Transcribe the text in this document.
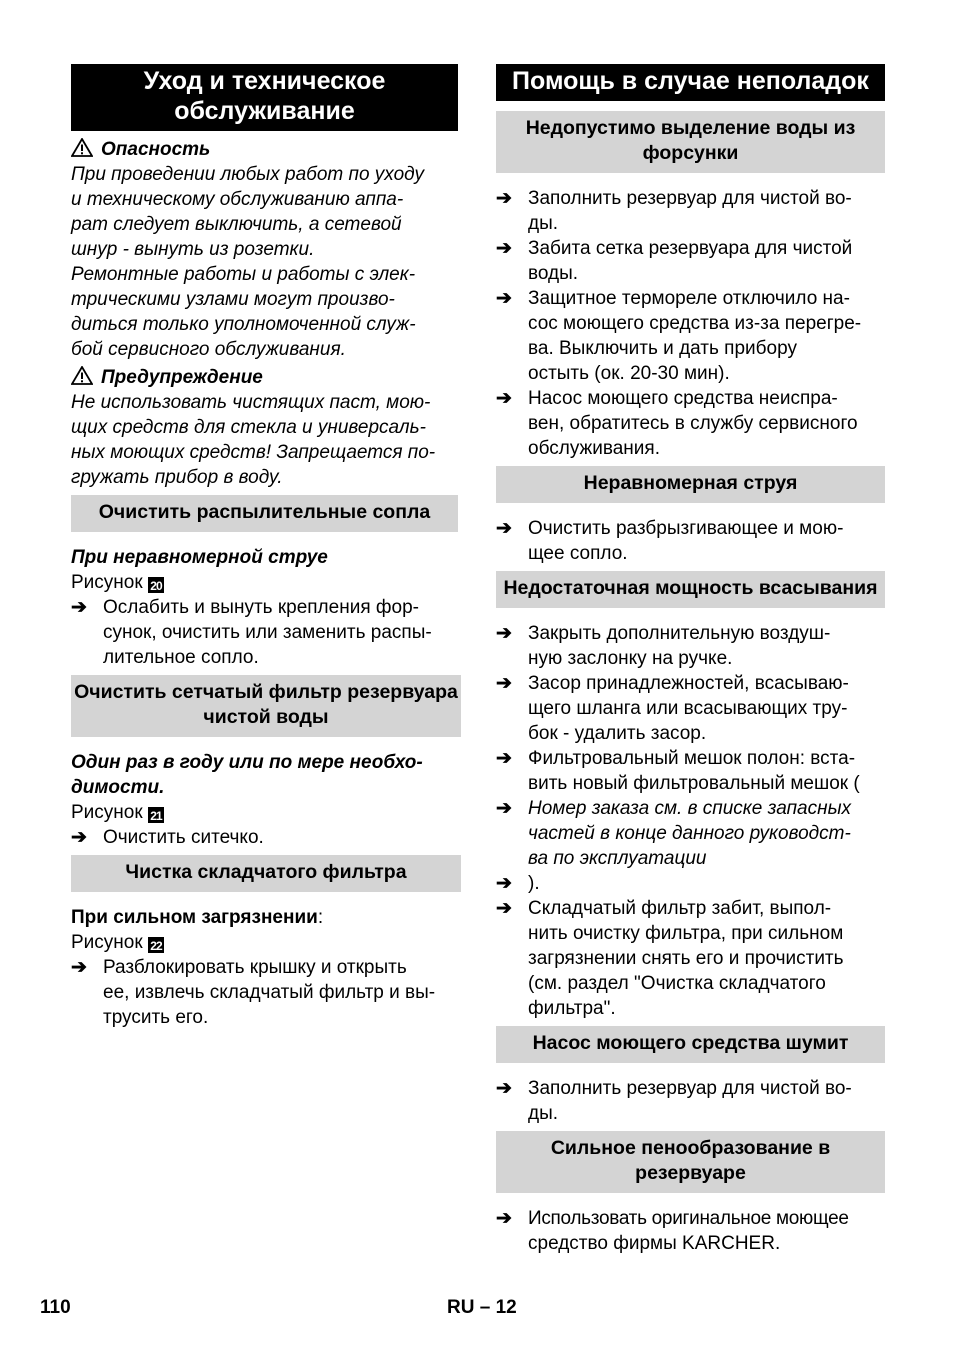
Уход и техническое обслуживание
Опасность
При проведении любых работ по уходу
и техническому обслуживанию аппа-
рат следует выключить, а сетевой
шнур - вынуть из розетки.
Ремонтные работы и работы с элек-
трическими узлами могут произво-
диться только уполномоченной служ-
бой сервисного обслуживания.
Предупреждение
Не использовать чистящих паст, мою-
щих средств для стекла и универсаль-
ных моющих средств! Запрещается по-
гружать прибор в воду.
Очистить распылительные сопла
При неравномерной струе
Рисунок 20
➔ Ослабить и вынуть крепления фор-
сунок, очистить или заменить распы-
лительное сопло.
Очистить сетчатый фильтр резервуара чистой воды
Один раз в году или по мере необхо-
димости.
Рисунок 21
➔ Очистить ситечко.
Чистка складчатого фильтра
При сильном загрязнении:
Рисунок 22
➔ Разблокировать крышку и открыть
ее, извлечь складчатый фильтр и вы-
трусить его.
Помощь в случае неполадок
Недопустимо выделение воды из форсунки
➔ Заполнить резервуар для чистой во-
ды.
➔ Забита сетка резервуара для чистой
воды.
➔ Защитное термореле отключило на-
сос моющего средства из-за перегре-
ва. Выключить и дать прибору
остыть (ок. 20-30 мин).
➔ Насос моющего средства неиспра-
вен, обратитесь в службу сервисного
обслуживания.
Неравномерная струя
➔ Очистить разбрызгивающее и мою-
щее сопло.
Недостаточная мощность всасывания
➔ Закрыть дополнительную воздуш-
ную заслонку на ручке.
➔ Засор принадлежностей, всасываю-
щего шланга или всасывающих тру-
бок - удалить засор.
➔ Фильтровальный мешок полон: вста-
вить новый фильтровальный мешок (
➔ Номер заказа см. в списке запасных
частей в конце данного руководст-
ва по эксплуатации
➔ ).
➔ Складчатый фильтр забит, выпол-
нить очистку фильтра, при сильном
загрязнении снять его и прочистить
(см. раздел "Очистка складчатого
фильтра".
Насос моющего средства шумит
➔ Заполнить резервуар для чистой во-
ды.
Сильное пенообразование в резервуаре
➔ Использовать оригинальное моющее
средство фирмы KARCHER.
110	RU – 12
